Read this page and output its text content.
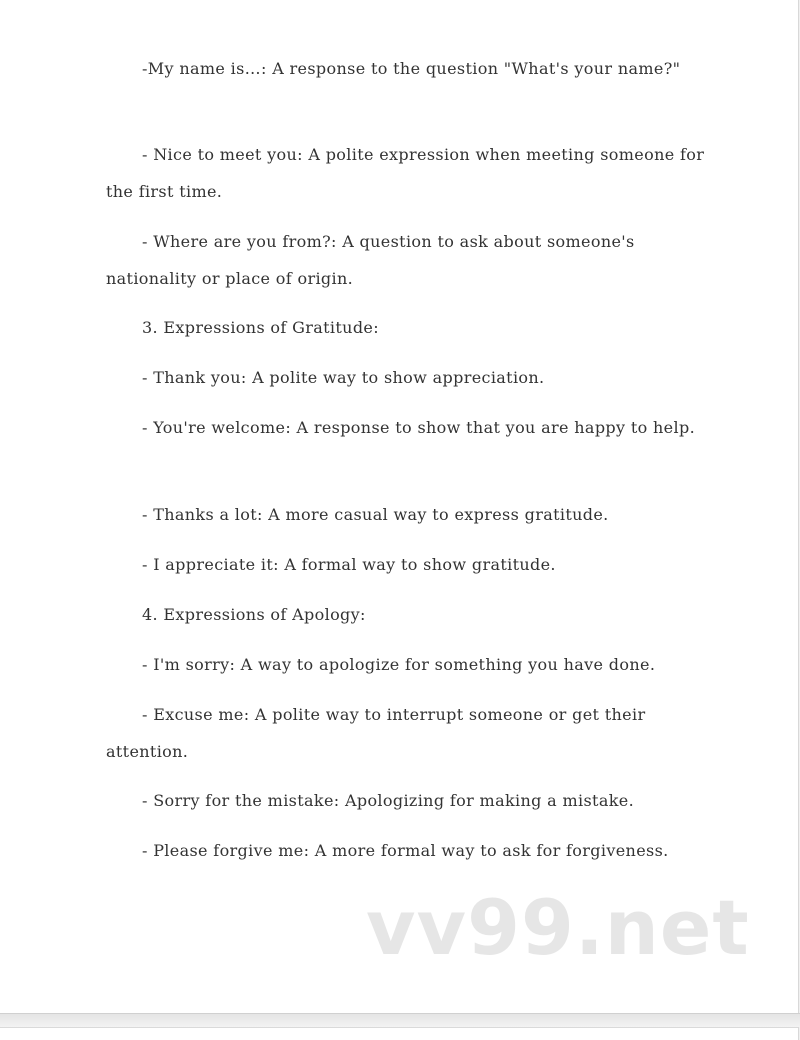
-My name is…: A response to the question "What's your name?"

- Nice to meet you: A polite expression when meeting someone for the first time.

- Where are you from?: A question to ask about someone's nationality or place of origin.

3. Expressions of Gratitude:

- Thank you: A polite way to show appreciation.

- You're welcome: A response to show that you are happy to help.

- Thanks a lot: A more casual way to express gratitude.

- I appreciate it: A formal way to show gratitude.

4. Expressions of Apology:

- I'm sorry: A way to apologize for something you have done.

- Excuse me: A polite way to interrupt someone or get their attention.

- Sorry for the mistake: Apologizing for making a mistake.

- Please forgive me: A more formal way to ask for forgiveness.

vv99.net
